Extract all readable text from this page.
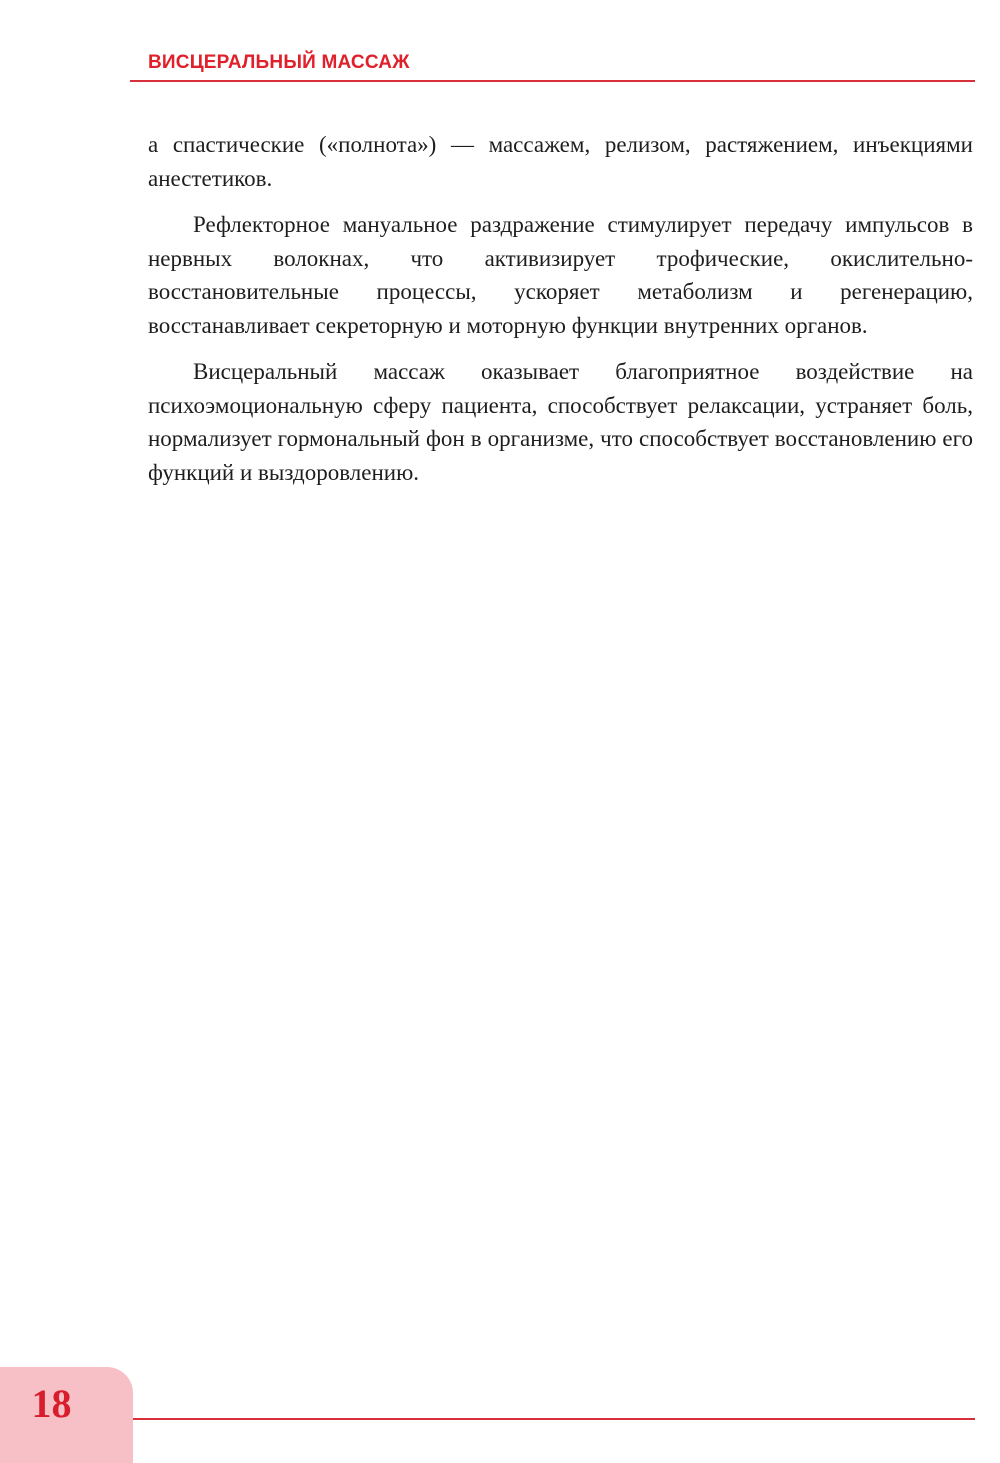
ВИСЦЕРАЛЬНЫЙ МАССАЖ

а спастические («полнота») — массажем, релизом, растяжением, инъекциями анестетиков.

Рефлекторное мануальное раздражение стимулирует передачу импульсов в нервных волокнах, что активизирует трофические, окислительно-восстановительные процессы, ускоряет метаболизм и регенерацию, восстанавливает секреторную и моторную функции внутренних органов.

Висцеральный массаж оказывает благоприятное воздействие на психоэмоциональную сферу пациента, способствует релаксации, устраняет боль, нормализует гормональный фон в организме, что способствует восстановлению его функций и выздоровлению.

18
